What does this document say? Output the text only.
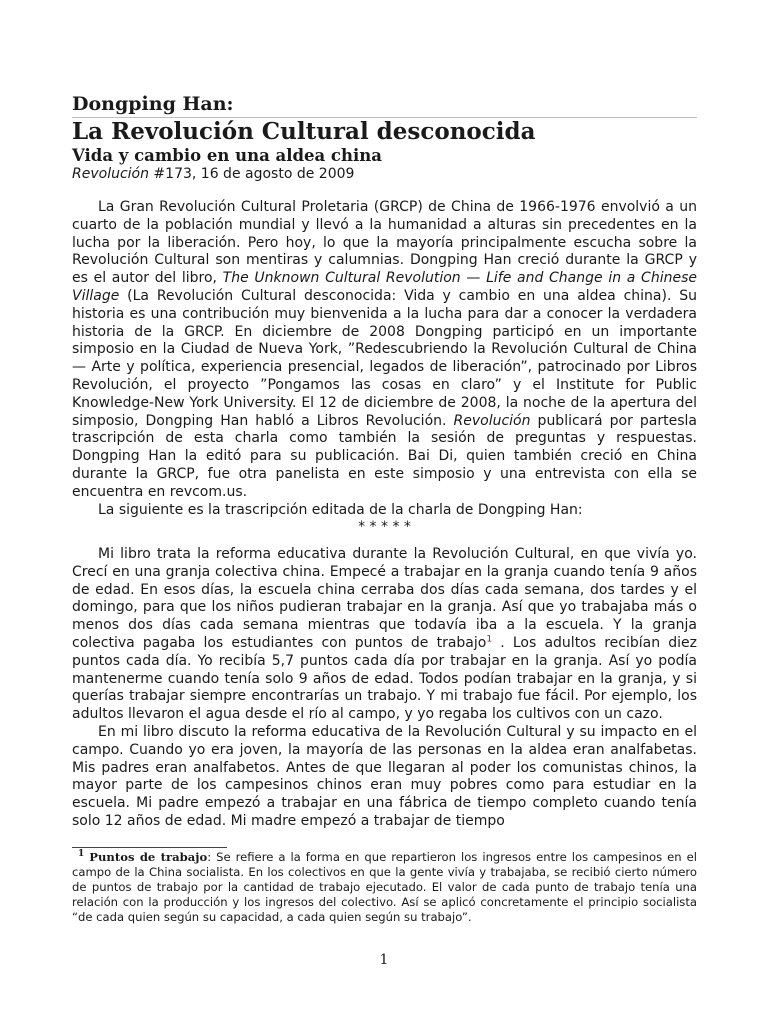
Dongping Han:
La Revolución Cultural desconocida
Vida y cambio en una aldea china
Revolución #173, 16 de agosto de 2009

La Gran Revolución Cultural Proletaria (GRCP) de China de 1966-1976 envolvió a un cuarto de la población mundial y llevó a la humanidad a alturas sin precedentes en la lucha por la liberación. Pero hoy, lo que la mayoría principalmente escucha sobre la Revolución Cultural son mentiras y calumnias. Dongping Han creció durante la GRCP y es el autor del libro, The Unknown Cultural Revolution — Life and Change in a Chinese Village (La Revolución Cultural desconocida: Vida y cambio en una aldea china). Su historia es una contribución muy bienvenida a la lucha para dar a conocer la verdadera historia de la GRCP. En diciembre de 2008 Dongping participó en un importante simposio en la Ciudad de Nueva York, ”Redescubriendo la Revolución Cultural de China — Arte y política, experiencia presencial, legados de liberación”, patrocinado por Libros Revolución, el proyecto ”Pongamos las cosas en claro” y el Institute for Public Knowledge-New York University. El 12 de diciembre de 2008, la noche de la apertura del simposio, Dongping Han habló a Libros Revolución. Revolución publicará por partesla trascripción de esta charla como también la sesión de preguntas y respuestas. Dongping Han la editó para su publicación. Bai Di, quien también creció en China durante la GRCP, fue otra panelista en este simposio y una entrevista con ella se encuentra en revcom.us.

La siguiente es la trascripción editada de la charla de Dongping Han:

* * * * *

Mi libro trata la reforma educativa durante la Revolución Cultural, en que vivía yo. Crecí en una granja colectiva china. Empecé a trabajar en la granja cuando tenía 9 años de edad. En esos días, la escuela china cerraba dos días cada semana, dos tardes y el domingo, para que los niños pudieran trabajar en la granja. Así que yo trabajaba más o menos dos días cada semana mientras que todavía iba a la escuela. Y la granja colectiva pagaba los estudiantes con puntos de trabajo$^1$ . Los adultos recibían diez puntos cada día. Yo recibía 5,7 puntos cada día por trabajar en la granja. Así yo podía mantenerme cuando tenía solo 9 años de edad. Todos podían trabajar en la granja, y si querías trabajar siempre encontrarías un trabajo. Y mi trabajo fue fácil. Por ejemplo, los adultos llevaron el agua desde el río al campo, y yo regaba los cultivos con un cazo.

En mi libro discuto la reforma educativa de la Revolución Cultural y su impacto en el campo. Cuando yo era joven, la mayoría de las personas en la aldea eran analfabetas. Mis padres eran analfabetos. Antes de que llegaran al poder los comunistas chinos, la mayor parte de los campesinos chinos eran muy pobres como para estudiar en la escuela. Mi padre empezó a trabajar en una fábrica de tiempo completo cuando tenía solo 12 años de edad. Mi madre empezó a trabajar de tiempo

$^1$ Puntos de trabajo: Se refiere a la forma en que repartieron los ingresos entre los campesinos en el campo de la China socialista. En los colectivos en que la gente vivía y trabajaba, se recibió cierto número de puntos de trabajo por la cantidad de trabajo ejecutado. El valor de cada punto de trabajo tenía una relación con la producción y los ingresos del colectivo. Así se aplicó concretamente el principio socialista “de cada quien según su capacidad, a cada quien según su trabajo”.

1
